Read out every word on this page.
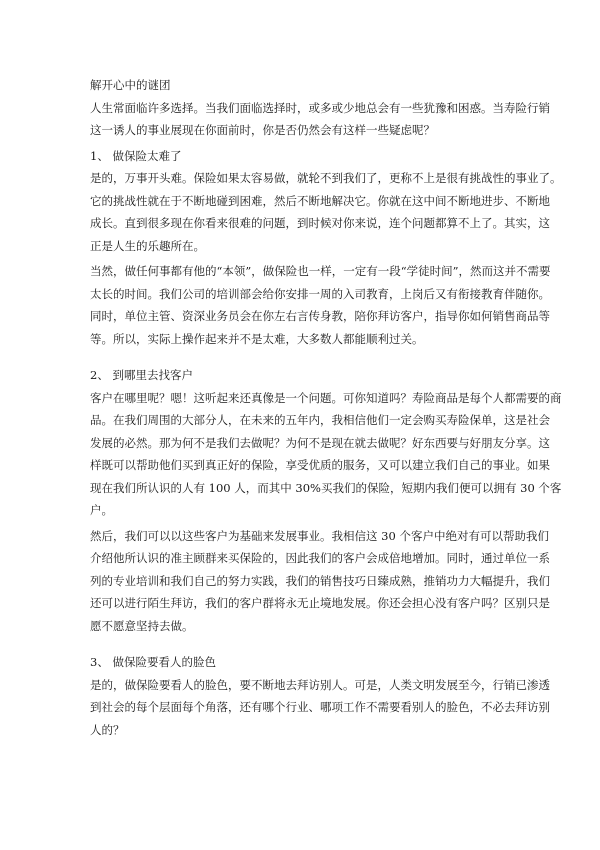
解开心中的谜团
人生常面临许多选择。当我们面临选择时，或多或少地总会有一些犹豫和困惑。当寿险行销
这一诱人的事业展现在你面前时，你是否仍然会有这样一些疑虑呢？
1、 做保险太难了
是的，万事开头难。保险如果太容易做，就轮不到我们了，更称不上是很有挑战性的事业了。
它的挑战性就在于不断地碰到困难，然后不断地解决它。你就在这中间不断地进步、不断地
成长。直到很多现在你看来很难的问题，到时候对你来说，连个问题都算不上了。其实，这
正是人生的乐趣所在。
当然，做任何事都有他的“本领”，做保险也一样，一定有一段“学徒时间”，然而这并不需要
太长的时间。我们公司的培训部会给你安排一周的入司教育，上岗后又有衔接教育伴随你。
同时，单位主管、资深业务员会在你左右言传身教，陪你拜访客户，指导你如何销售商品等
等。所以，实际上操作起来并不是太难，大多数人都能顺利过关。
2、 到哪里去找客户
客户在哪里呢？嗯！这听起来还真像是一个问题。可你知道吗？寿险商品是每个人都需要的商
品。在我们周围的大部分人，在未来的五年内，我相信他们一定会购买寿险保单，这是社会
发展的必然。那为何不是我们去做呢？为何不是现在就去做呢？好东西要与好朋友分享。这
样既可以帮助他们买到真正好的保险，享受优质的服务，又可以建立我们自己的事业。如果
现在我们所认识的人有 100 人，而其中 30%买我们的保险，短期内我们便可以拥有 30 个客
户。
然后，我们可以以这些客户为基础来发展事业。我相信这 30 个客户中绝对有可以帮助我们
介绍他所认识的准主顾群来买保险的，因此我们的客户会成倍地增加。同时，通过单位一系
列的专业培训和我们自己的努力实践，我们的销售技巧日臻成熟，推销功力大幅提升，我们
还可以进行陌生拜访，我们的客户群将永无止境地发展。你还会担心没有客户吗？区别只是
愿不愿意坚持去做。
3、 做保险要看人的脸色
是的，做保险要看人的脸色，要不断地去拜访别人。可是，人类文明发展至今，行销已渗透
到社会的每个层面每个角落，还有哪个行业、哪项工作不需要看别人的脸色，不必去拜访别
人的？
